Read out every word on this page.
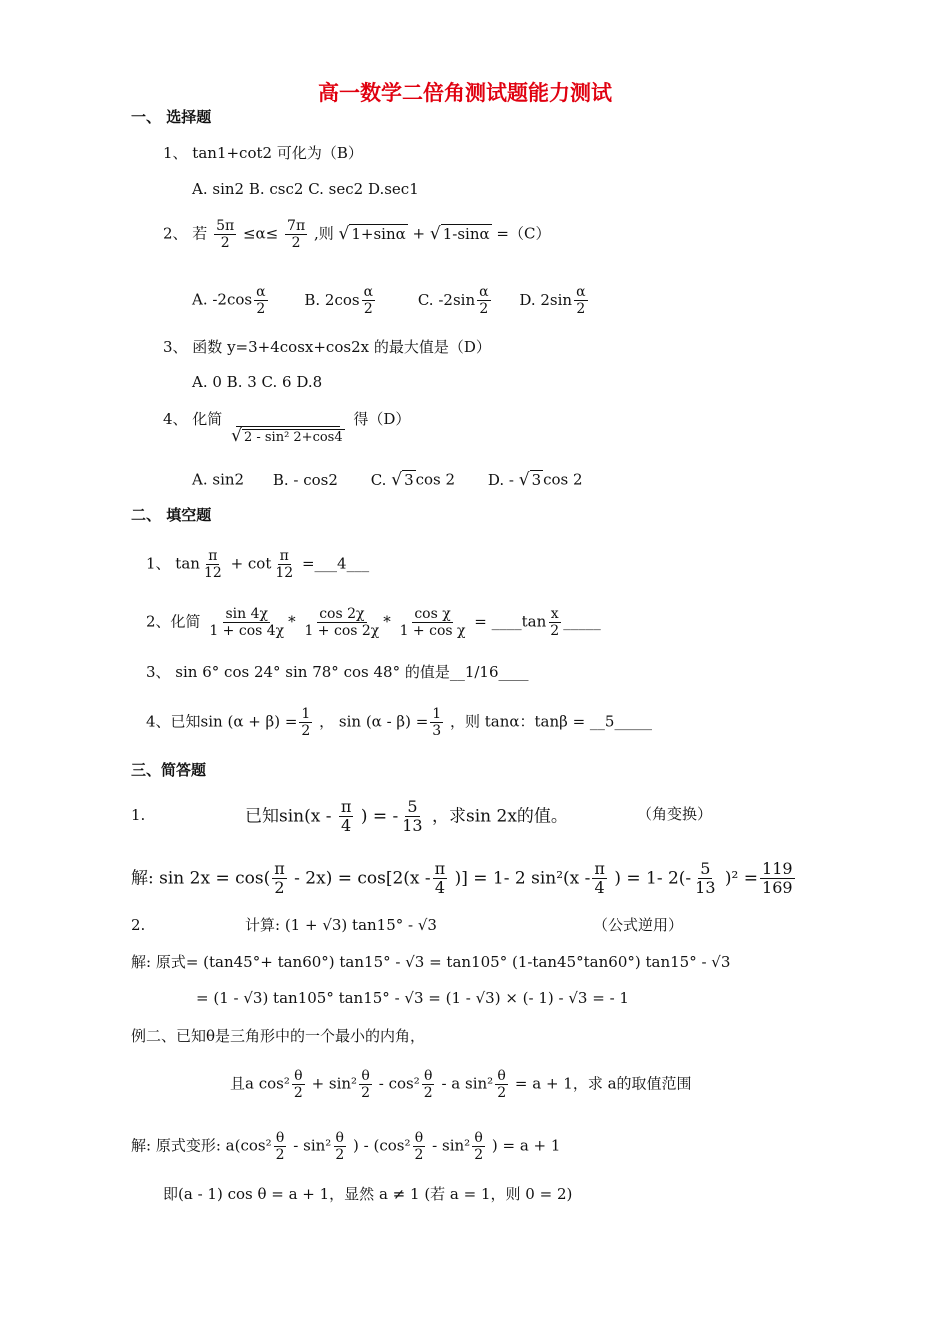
高一数学二倍角测试题能力测试
一、 选择题
1、 tan1+cot2 可化为（B）
A. sin2 B. csc2 C. sec2 D.sec1
2、 若 $\frac{5\pi}{2} \le\alpha\le \frac{7\pi}{2}$ ,则 √ 1+sinα + √ 1-sinα =（C）
A. $-2\cos \frac{\alpha}{2} B$. $2\cos \frac{\alpha}{2}$	C. $-2\sin \frac{\alpha}{2} D$. $2\sin \frac{\alpha}{2}$
3、 函数 y=3+4cosx+cos2x 的最大值是（D）
A. 0 B. 3 C. 6 D.8
4、 化简
√ 2 - sin² 2+cos4
得（D）
A. sin2 B. - cos2 C. √ 3 cos 2 D. - √ 3 cos 2
二、 填空题
1、 $\tan \frac{\pi}{12} + \cot \frac{\pi}{12}$ =___4___
2、化简 $\frac{\sin 4\chi}{1 + \cos 4\chi} * \frac{\cos 2\chi}{1 + \cos 2\chi} * \frac{\text{cos χ}}{\text{1 + cos χ}}$ = ____tan $\frac{x}{2}$ _____
3、 sin 6° cos 24° sin 78° cos 48° 的值是__1/16____
4、已知$\sin (\alpha + \beta) = \frac{1}{2}$ ， $\sin (\alpha - \beta) = \frac{1}{3}$ ，则 tanα：tanβ = __5_____
三、简答题
1.	已知$\sin(x - \frac{\pi}{4}$ ) = - $\frac{5}{13}$ ，求sin 2x的值。	（角变换）
解: $\sin 2x = \cos( \frac{\pi}{2} - 2x) = \cos[2(x - \frac{\pi}{4}$ )] = 1- 2 $\sin^2(x - \frac{\pi}{4}$ ) = 1- $2(- \frac{5}{13} )^2 = \frac{119}{169}$
2.	计算: (1 + √3) tan15° - √3	（公式逆用）
解: 原式= (tan45°+ tan60°) tan15° - √3 = tan105° (1-tan45°tan60°) tan15° - √3
= (1 - √3) tan105° tan15° - √3 = (1 - √3) × (- 1) - √3 = - 1
例二、已知θ是三角形中的一个最小的内角，
且a $\cos^2 \frac{\theta}{2} + \sin^2 \frac{\theta}{2} - \cos^2 \frac{\theta}{2} - a$ $\sin^2 \frac{\theta}{2} = a + 1$，求 a的取值范围
解: 原式变形: $a(\cos^2 \frac{\theta}{2} - \sin^2 \frac{\theta}{2}$ ) - ($\cos^2 \frac{\theta}{2} - \sin^2 \frac{\theta}{2}$ ) = a + 1
即(a - 1) cos θ = a + 1，显然 a ≠ 1 (若 a = 1，则 0 = 2)
